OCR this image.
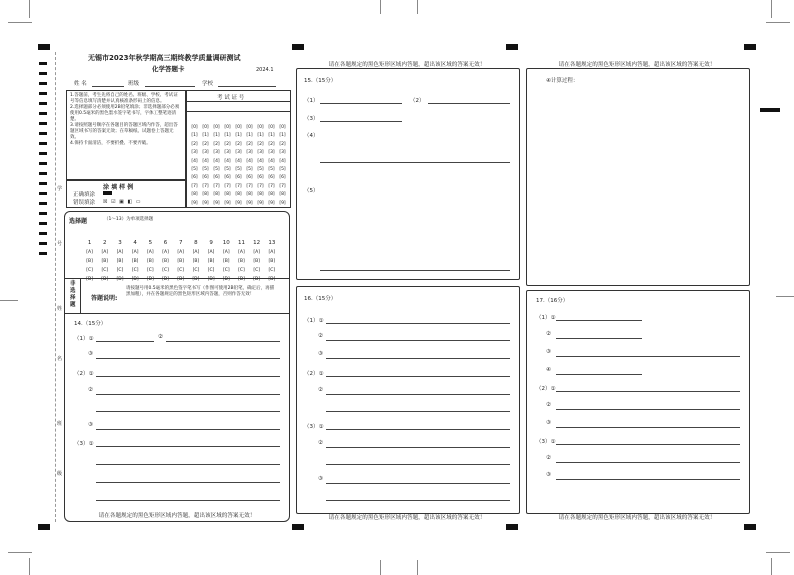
学
号
姓
名
班
级
无锡市2023年秋学期高三期终教学质量调研测试
化学答题卡	2024.1
姓 名	班级	学校
1.答题前，考生先将自己的姓名、班级、学校、考试证号等信息填写清楚并认真核准条形码上的信息。
2.选择题部分必须使用2B铅笔填涂；非选择题部分必须使用0.5毫米的黑色墨水签字笔书写，字体工整笔迹清楚。
3.请按照题号顺序在各题目的答题区域内作答，超出答题区域书写的答案无效；在草稿纸、试题卷上答题无效。
4.保持卡面清洁，不要折叠、不要弄破。
考 试 证 号
[0] [0] [0] [0] [0] [0] [0] [0] [0]
[1] [1] [1] [1] [1] [1] [1] [1] [1]
[2] [2] [2] [2] [2] [2] [2] [2] [2]
[3] [3] [3] [3] [3] [3] [3] [3] [3]
[4] [4] [4] [4] [4] [4] [4] [4] [4]
[5] [5] [5] [5] [5] [5] [5] [5] [5]
[6] [6] [6] [6] [6] [6] [6] [6] [6]
[7] [7] [7] [7] [7] [7] [7] [7] [7]
[8] [8] [8] [8] [8] [8] [8] [8] [8]
[9] [9] [9] [9] [9] [9] [9] [9] [9]
涂 填 样 例
正确填涂
错误填涂 ☒ ☑ ▣ ◧ ▭
选择题	（1～13）为单项选择题
1 2 3 4 5 6 7 8 9 10 11 12 13
[A] [A] [A] [A] [A] [A] [A] [A] [A] [A] [A] [A] [A]
[B] [B] [B] [B] [B] [B] [B] [B] [B] [B] [B] [B] [B]
[C] [C] [C] [C] [C] [C] [C] [C] [C] [C] [C] [C] [C]
[D] [D] [D] [D] [D] [D] [D] [D] [D] [D] [D] [D] [D]
非选择题
答题说明:
请按题号用0.5毫米的黑色签字笔书写（作图可使用2B铅笔，确定后，再描黑加粗），并在各题规定的黑色矩形区域内答题，否则作答无效！
14.（15分）
（1）①	②
③
（2）①
②
③
（3）①
请在各题规定的黑色矩形区域内答题，超出该区域的答案无效！
请在各题规定的黑色矩形区域内答题，超出该区域的答案无效！
15.（15分）
（1）	（2）
（3）
（4）
（5）
16.（15分）
（1）①
②
③
（2）①
②
（3）①
②
③
请在各题规定的黑色矩形区域内答题，超出该区域的答案无效！
请在各题规定的黑色矩形区域内答题，超出该区域的答案无效！
④计算过程：
17.（16分）
（1）①
②
③
④
（2）①
②
③
（3）①
②
③
请在各题规定的黑色矩形区域内答题，超出该区域的答案无效！
